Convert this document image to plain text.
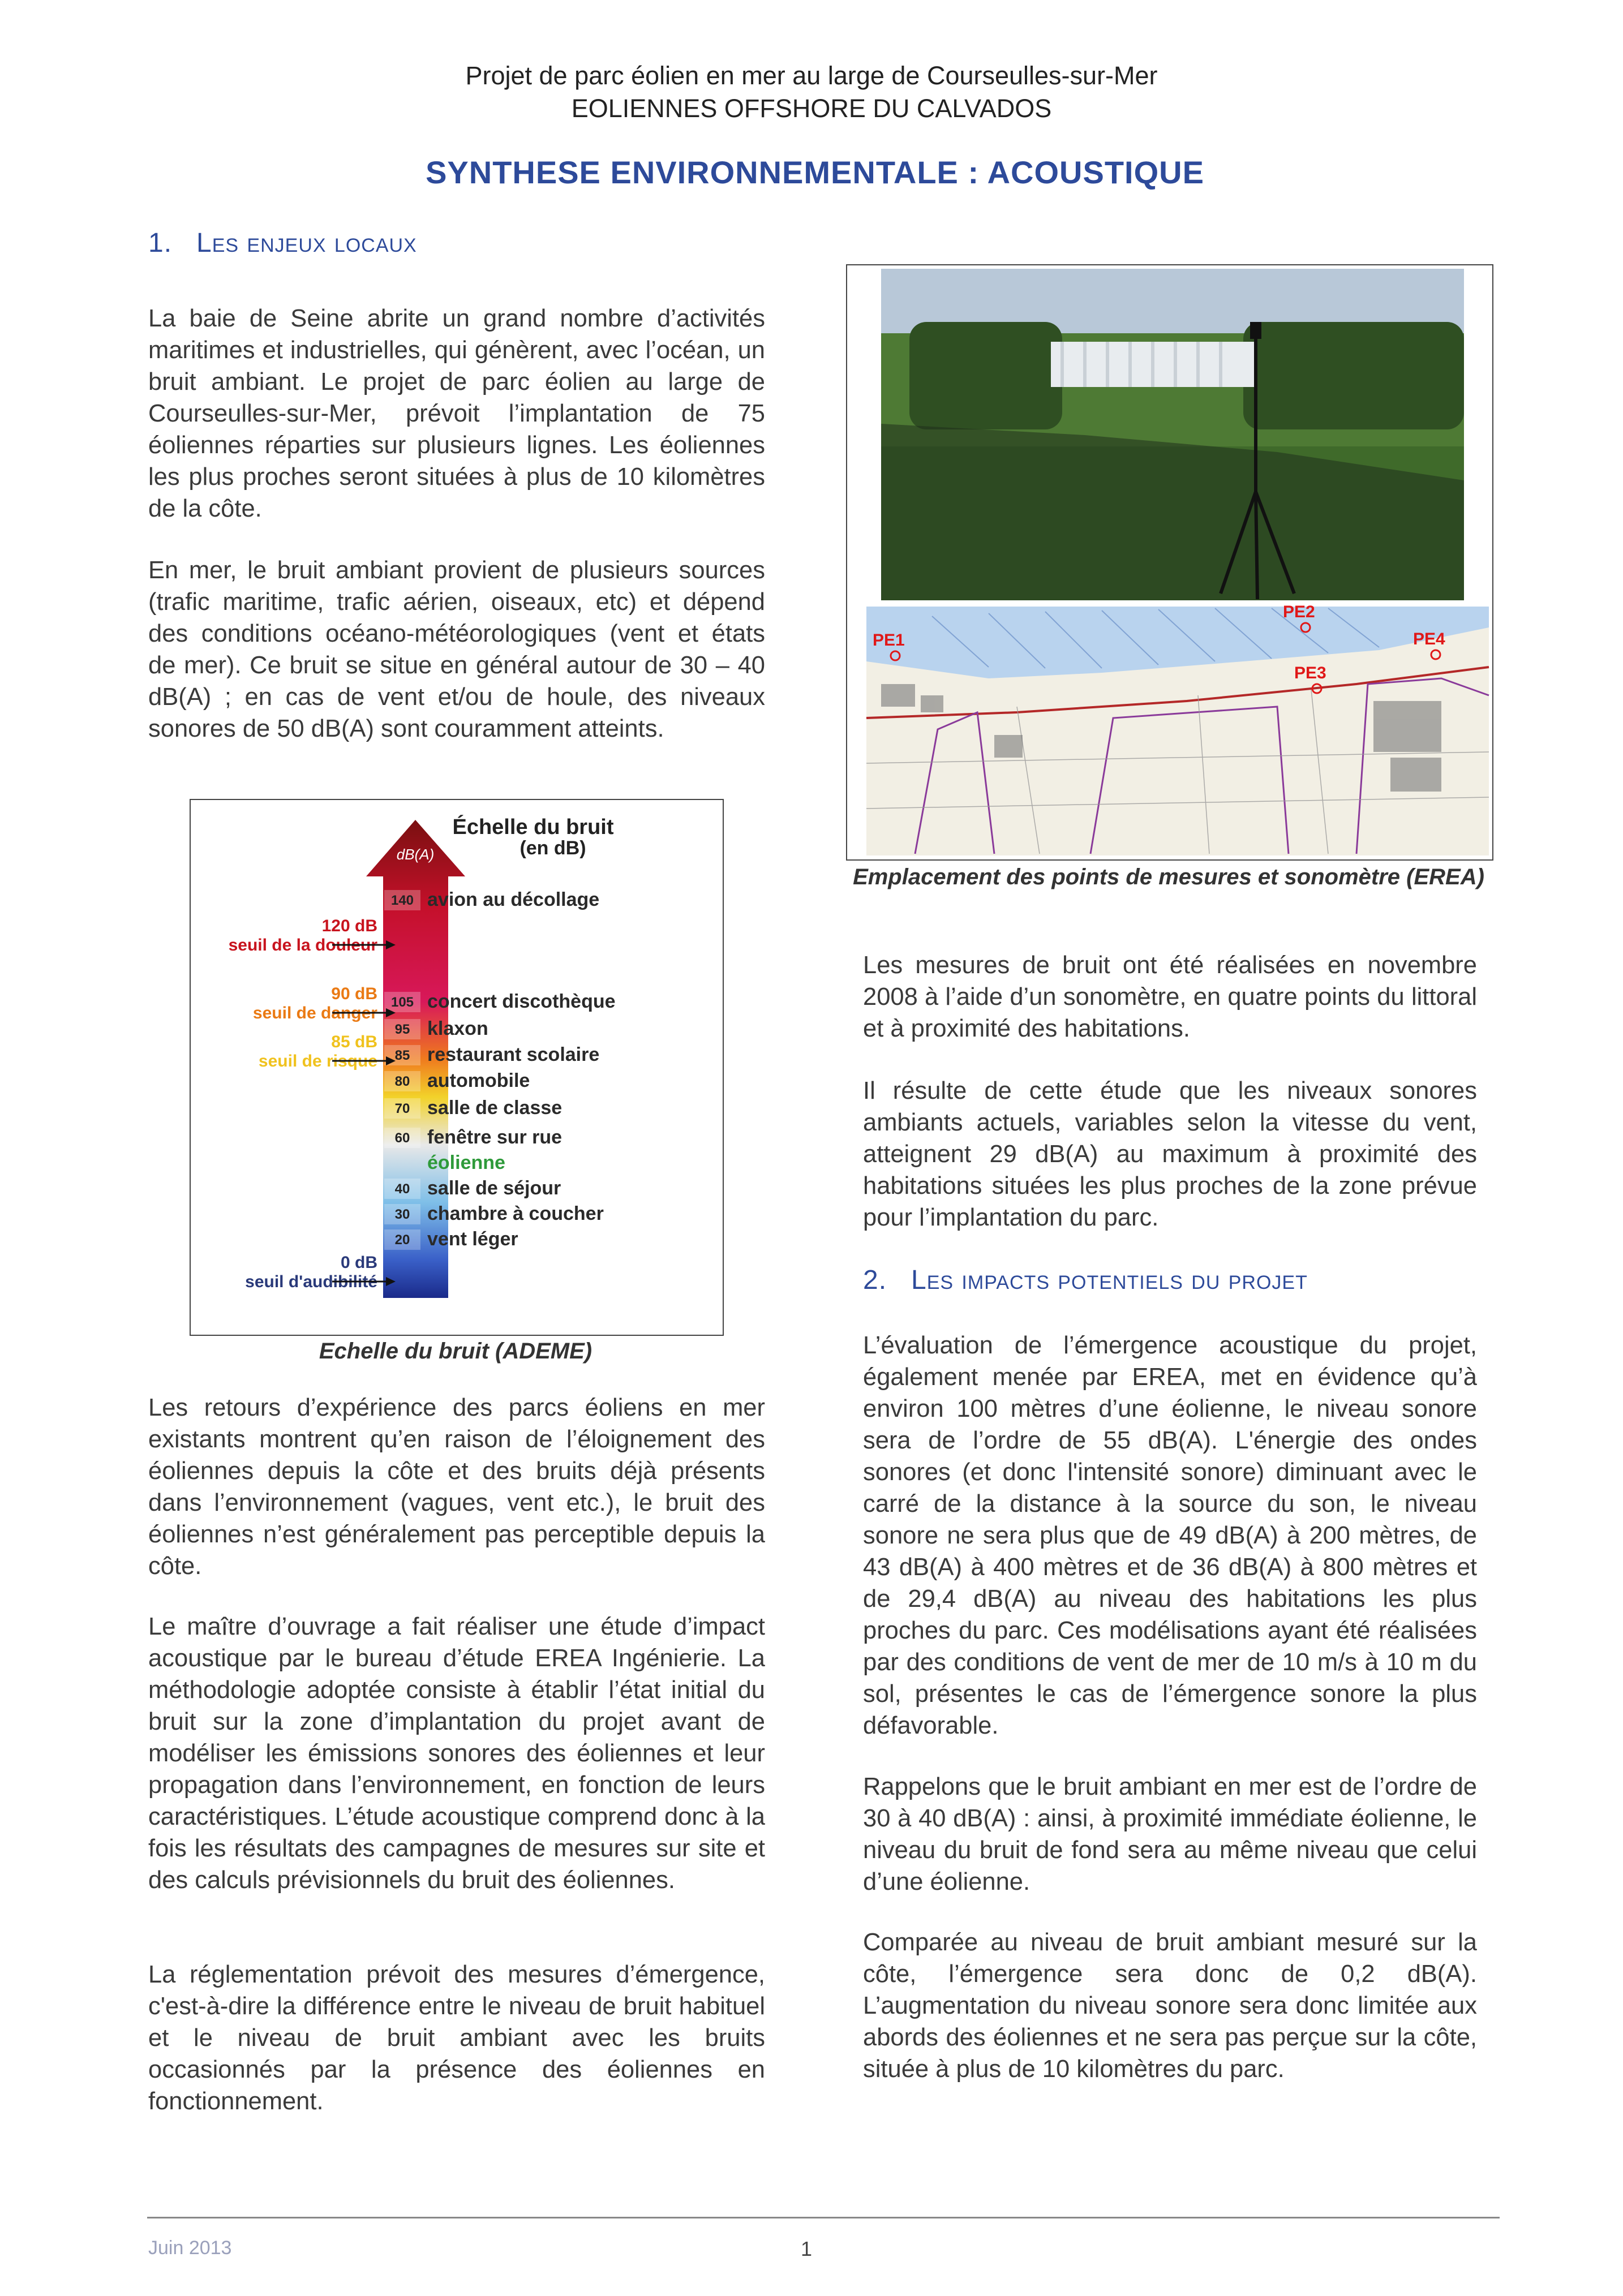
Projet de parc éolien en mer au large de Courseulles-sur-Mer
EOLIENNES OFFSHORE DU CALVADOS
SYNTHESE ENVIRONNEMENTALE : ACOUSTIQUE
1. Les enjeux locaux

La baie de Seine abrite un grand nombre d’activités maritimes et industrielles, qui génèrent, avec l’océan, un bruit ambiant. Le projet de parc éolien au large de Courseulles-sur-Mer, prévoit l’implantation de 75 éoliennes réparties sur plusieurs lignes. Les éoliennes les plus proches seront situées à plus de 10 kilomètres de la côte.

En mer, le bruit ambiant provient de plusieurs sources (trafic maritime, trafic aérien, oiseaux, etc) et dépend des conditions océano-météorologiques (vent et états de mer). Ce bruit se situe en général autour de 30 – 40 dB(A) ; en cas de vent et/ou de houle, des niveaux sonores de 50 dB(A) sont couramment atteints.

dB(A)
Échelle du bruit
(en dB)
140 avion au décollage
105 concert discothèque
95 klaxon
85 restaurant scolaire
80 automobile
70 salle de classe
60 fenêtre sur rue
éolienne
40 salle de séjour
30 chambre à coucher
20 vent léger
120 dB
seuil de la douleur
90 dB
seuil de danger
85 dB
seuil de risque
0 dB
seuil d'audibilité
Echelle du bruit (ADEME)

Les retours d’expérience des parcs éoliens en mer existants montrent qu’en raison de l’éloignement des éoliennes depuis la côte et des bruits déjà présents dans l’environnement (vagues, vent etc.), le bruit des éoliennes n’est généralement pas perceptible depuis la côte.

Le maître d’ouvrage a fait réaliser une étude d’impact acoustique par le bureau d’étude EREA Ingénierie. La méthodologie adoptée consiste à établir l’état initial du bruit sur la zone d’implantation du projet avant de modéliser les émissions sonores des éoliennes et leur propagation dans l’environnement, en fonction de leurs caractéristiques. L’étude acoustique comprend donc à la fois les résultats des campagnes de mesures sur site et des calculs prévisionnels du bruit des éoliennes.

La réglementation prévoit des mesures d’émergence, c'est-à-dire la différence entre le niveau de bruit habituel et le niveau de bruit ambiant avec les bruits occasionnés par la présence des éoliennes en fonctionnement.

PE1
PE2
PE3
PE4
Emplacement des points de mesures et sonomètre (EREA)

Les mesures de bruit ont été réalisées en novembre 2008 à l’aide d’un sonomètre, en quatre points du littoral et à proximité des habitations.

Il résulte de cette étude que les niveaux sonores ambiants actuels, variables selon la vitesse du vent, atteignent 29 dB(A) au maximum à proximité des habitations situées les plus proches de la zone prévue pour l’implantation du parc.

2. Les impacts potentiels du projet

L’évaluation de l’émergence acoustique du projet, également menée par EREA, met en évidence qu’à environ 100 mètres d’une éolienne, le niveau sonore sera de l’ordre de 55 dB(A). L'énergie des ondes sonores (et donc l'intensité sonore) diminuant avec le carré de la distance à la source du son, le niveau sonore ne sera plus que de 49 dB(A) à 200 mètres, de 43 dB(A) à 400 mètres et de 36 dB(A) à 800 mètres et de 29,4 dB(A) au niveau des habitations les plus proches du parc. Ces modélisations ayant été réalisées par des conditions de vent de mer de 10 m/s à 10 m du sol, présentes le cas de l’émergence sonore la plus défavorable.

Rappelons que le bruit ambiant en mer est de l’ordre de 30 à 40 dB(A) : ainsi, à proximité immédiate éolienne, le niveau du bruit de fond sera au même niveau que celui d’une éolienne.

Comparée au niveau de bruit ambiant mesuré sur la côte, l’émergence sera donc de 0,2 dB(A). L’augmentation du niveau sonore sera donc limitée aux abords des éoliennes et ne sera pas perçue sur la côte, située à plus de 10 kilomètres du parc.

Juin 2013	1
